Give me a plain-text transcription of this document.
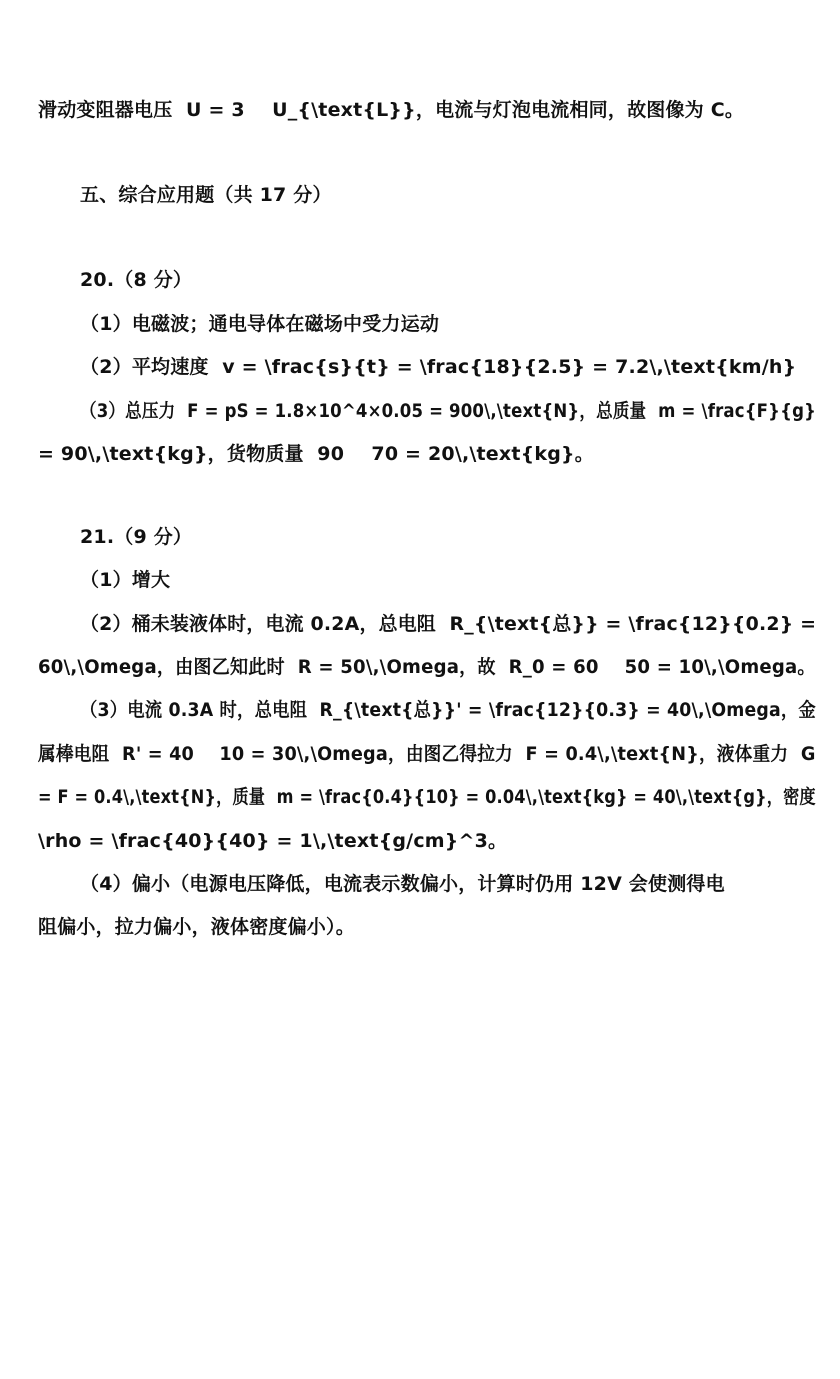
滑动变阻器电压  U = 3    U_{\text{L}}，电流与灯泡电流相同，故图像为 C。
五、综合应用题（共 17 分）
20.（8 分）
（1）电磁波；通电导体在磁场中受力运动
（2）平均速度  v = \frac{s}{t} = \frac{18}{2.5} = 7.2\,\text{km/h}
（3）总压力  F = pS = 1.8×10^4×0.05 = 900\,\text{N}，总质量  m = \frac{F}{g}
= 90\,\text{kg}，货物质量  90    70 = 20\,\text{kg}。
21.（9 分）
（1）增大
（2）桶未装液体时，电流 0.2A，总电阻  R_{\text{总}} = \frac{12}{0.2} =
60\,\Omega，由图乙知此时  R = 50\,\Omega，故  R_0 = 60    50 = 10\,\Omega。
（3）电流 0.3A 时，总电阻  R_{\text{总}}' = \frac{12}{0.3} = 40\,\Omega，金
属棒电阻  R' = 40    10 = 30\,\Omega，由图乙得拉力  F = 0.4\,\text{N}，液体重力  G
= F = 0.4\,\text{N}，质量  m = \frac{0.4}{10} = 0.04\,\text{kg} = 40\,\text{g}，密度
\rho = \frac{40}{40} = 1\,\text{g/cm}^3。
（4）偏小（电源电压降低，电流表示数偏小，计算时仍用 12V 会使测得电
阻偏小，拉力偏小，液体密度偏小）。
